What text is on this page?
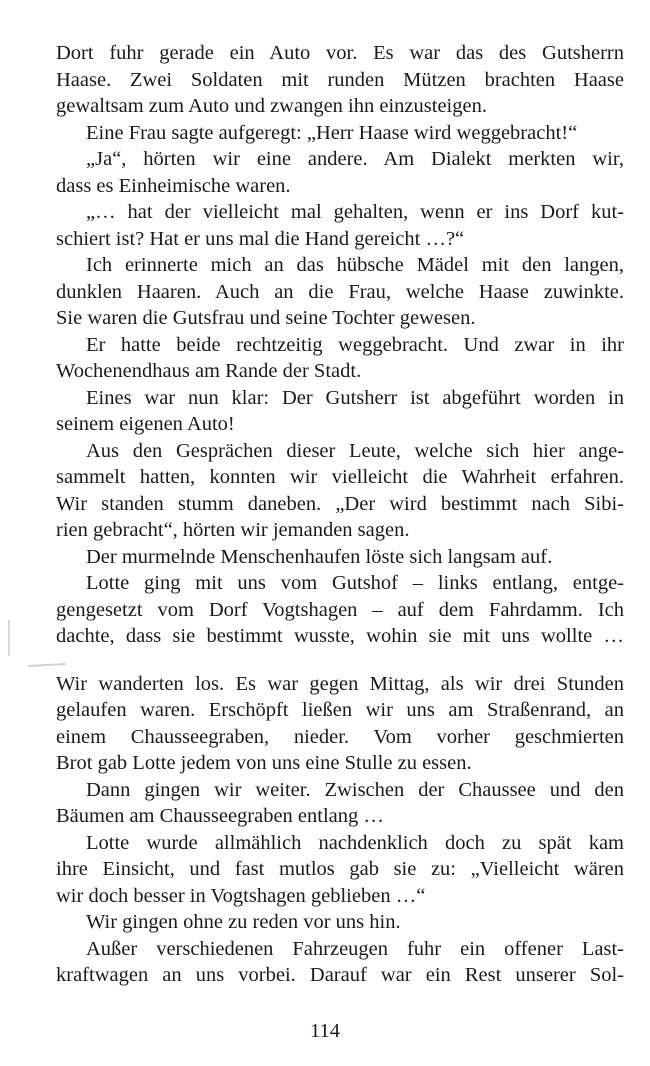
Dort fuhr gerade ein Auto vor. Es war das des Gutsherrn
Haase. Zwei Soldaten mit runden Mützen brachten Haase
gewaltsam zum Auto und zwangen ihn einzusteigen.
Eine Frau sagte aufgeregt: „Herr Haase wird weggebracht!“
„Ja“, hörten wir eine andere. Am Dialekt merkten wir,
dass es Einheimische waren.
„… hat der vielleicht mal gehalten, wenn er ins Dorf kut-
schiert ist? Hat er uns mal die Hand gereicht …?“
Ich erinnerte mich an das hübsche Mädel mit den langen,
dunklen Haaren. Auch an die Frau, welche Haase zuwinkte.
Sie waren die Gutsfrau und seine Tochter gewesen.
Er hatte beide rechtzeitig weggebracht. Und zwar in ihr
Wochenendhaus am Rande der Stadt.
Eines war nun klar: Der Gutsherr ist abgeführt worden in
seinem eigenen Auto!
Aus den Gesprächen dieser Leute, welche sich hier ange-
sammelt hatten, konnten wir vielleicht die Wahrheit erfahren.
Wir standen stumm daneben. „Der wird bestimmt nach Sibi-
rien gebracht“, hörten wir jemanden sagen.
Der murmelnde Menschenhaufen löste sich langsam auf.
Lotte ging mit uns vom Gutshof – links entlang, entge-
gengesetzt vom Dorf Vogtshagen – auf dem Fahrdamm. Ich
dachte, dass sie bestimmt wusste, wohin sie mit uns wollte …
Wir wanderten los. Es war gegen Mittag, als wir drei Stunden
gelaufen waren. Erschöpft ließen wir uns am Straßenrand, an
einem Chausseegraben, nieder. Vom vorher geschmierten
Brot gab Lotte jedem von uns eine Stulle zu essen.
Dann gingen wir weiter. Zwischen der Chaussee und den
Bäumen am Chausseegraben entlang …
Lotte wurde allmählich nachdenklich doch zu spät kam
ihre Einsicht, und fast mutlos gab sie zu: „Vielleicht wären
wir doch besser in Vogtshagen geblieben …“
Wir gingen ohne zu reden vor uns hin.
Außer verschiedenen Fahrzeugen fuhr ein offener Last-
kraftwagen an uns vorbei. Darauf war ein Rest unserer Sol-
114
